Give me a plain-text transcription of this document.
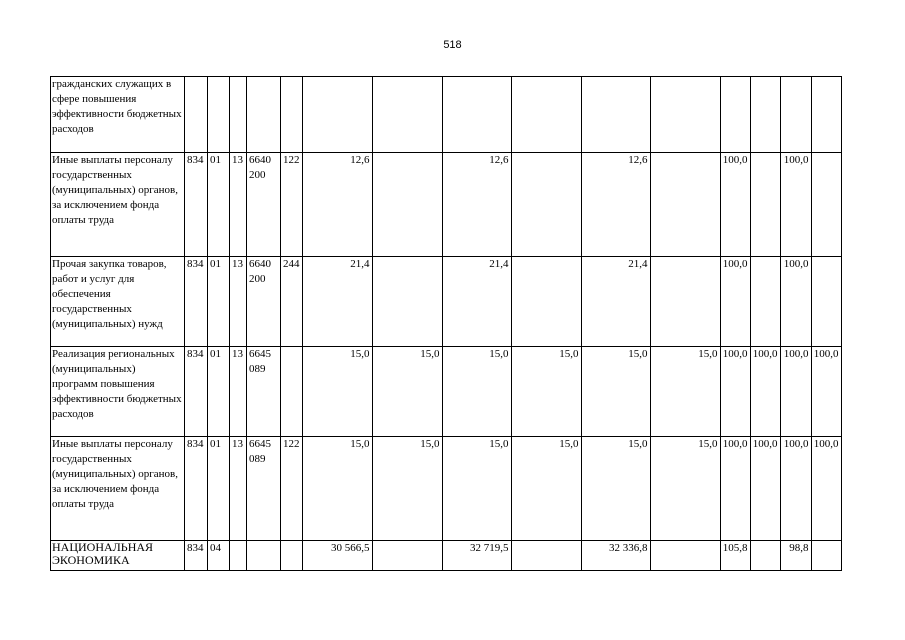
518
гражданских служащих в сфере повышения эффективности бюджетных расходов															
Иные выплаты персоналу государственных (муниципальных) органов, за исключением фонда оплаты труда	834	01	13	6640 200	122	12,6		12,6		12,6		100,0		100,0	
Прочая закупка товаров, работ и услуг для обеспечения государственных (муниципальных) нужд	834	01	13	6640 200	244	21,4		21,4		21,4		100,0		100,0	
Реализация региональных (муниципальных) программ повышения эффективности бюджетных расходов	834	01	13	6645 089		15,0	15,0	15,0	15,0	15,0	15,0	100,0	100,0	100,0	100,0
Иные выплаты персоналу государственных (муниципальных) органов, за исключением фонда оплаты труда	834	01	13	6645 089	122	15,0	15,0	15,0	15,0	15,0	15,0	100,0	100,0	100,0	100,0
НАЦИОНАЛЬНАЯ ЭКОНОМИКА	834	04				30 566,5		32 719,5		32 336,8		105,8		98,8	
